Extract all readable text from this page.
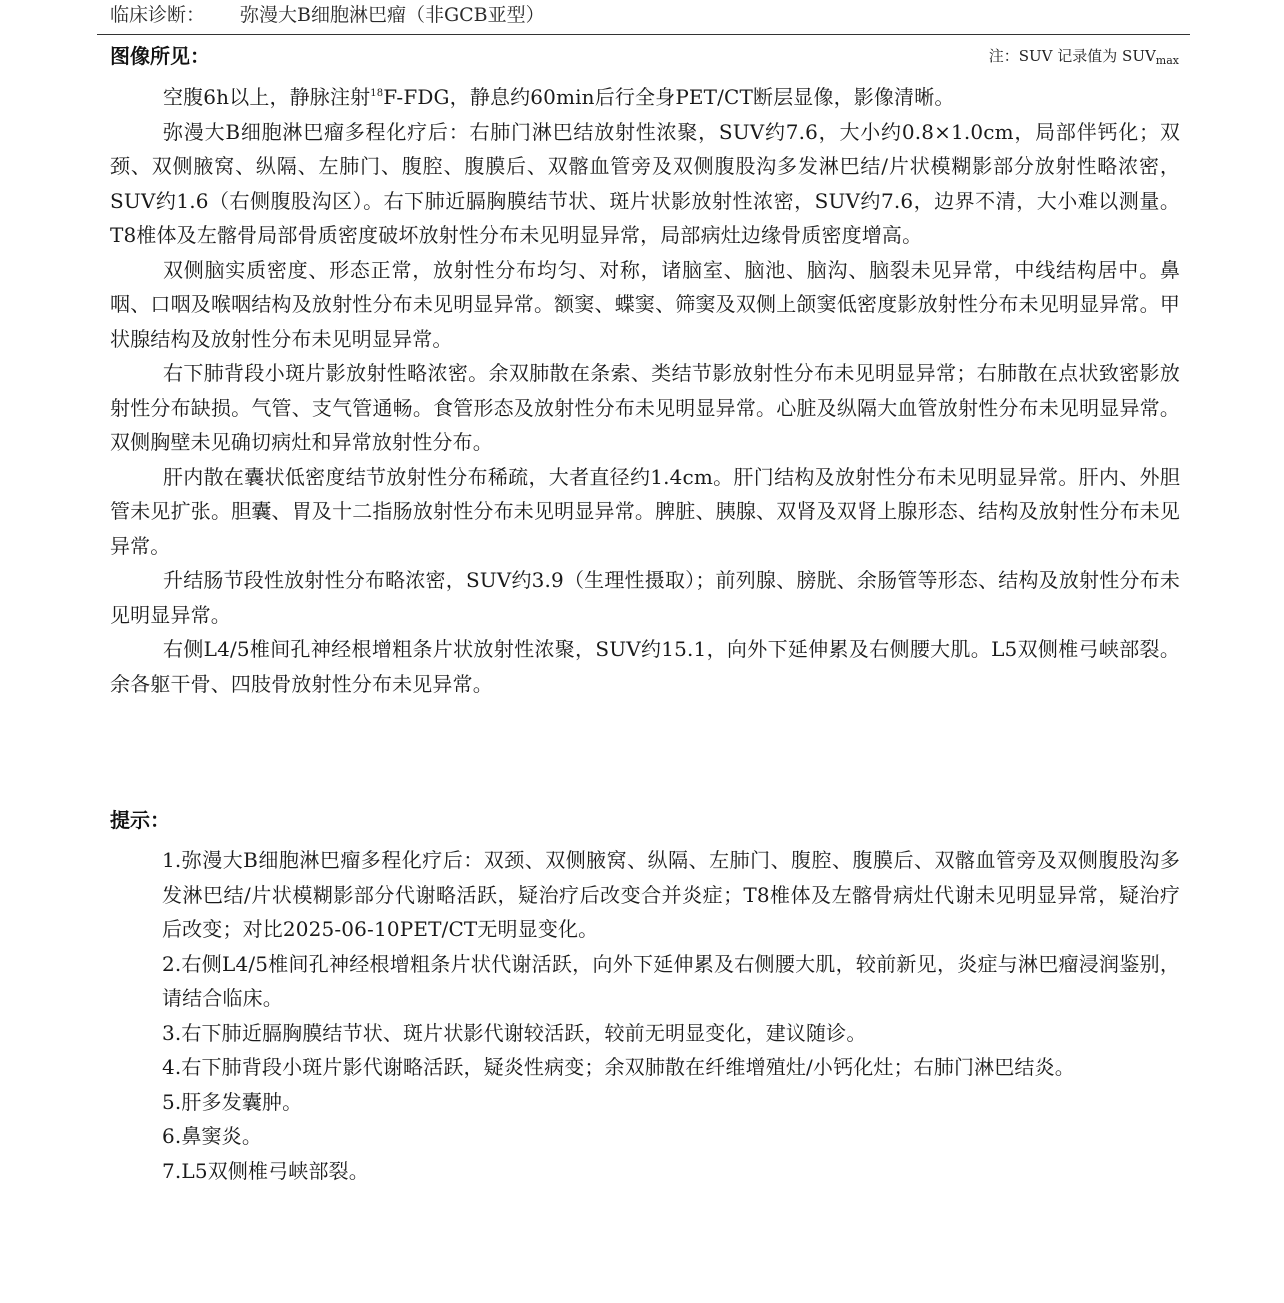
临床诊断： 弥漫大B细胞淋巴瘤（非GCB亚型）
图像所见：	注：SUV 记录值为 $SUV_{max}$

空腹6h以上，静脉注射$^{18}$F-FDG，静息约60min后行全身PET/CT断层显像，影像清晰。

弥漫大B细胞淋巴瘤多程化疗后：右肺门淋巴结放射性浓聚，SUV约7.6，大小约0.8×1.0cm，局部伴钙化；双颈、双侧腋窝、纵隔、左肺门、腹腔、腹膜后、双髂血管旁及双侧腹股沟多发淋巴结/片状模糊影部分放射性略浓密，SUV约1.6（右侧腹股沟区）。右下肺近膈胸膜结节状、斑片状影放射性浓密，SUV约7.6，边界不清，大小难以测量。T8椎体及左髂骨局部骨质密度破坏放射性分布未见明显异常，局部病灶边缘骨质密度增高。

双侧脑实质密度、形态正常，放射性分布均匀、对称，诸脑室、脑池、脑沟、脑裂未见异常，中线结构居中。鼻咽、口咽及喉咽结构及放射性分布未见明显异常。额窦、蝶窦、筛窦及双侧上颌窦低密度影放射性分布未见明显异常。甲状腺结构及放射性分布未见明显异常。

右下肺背段小斑片影放射性略浓密。余双肺散在条索、类结节影放射性分布未见明显异常；右肺散在点状致密影放射性分布缺损。气管、支气管通畅。食管形态及放射性分布未见明显异常。心脏及纵隔大血管放射性分布未见明显异常。双侧胸壁未见确切病灶和异常放射性分布。

肝内散在囊状低密度结节放射性分布稀疏，大者直径约1.4cm。肝门结构及放射性分布未见明显异常。肝内、外胆管未见扩张。胆囊、胃及十二指肠放射性分布未见明显异常。脾脏、胰腺、双肾及双肾上腺形态、结构及放射性分布未见异常。

升结肠节段性放射性分布略浓密，SUV约3.9（生理性摄取）；前列腺、膀胱、余肠管等形态、结构及放射性分布未见明显异常。

右侧L4/5椎间孔神经根增粗条片状放射性浓聚，SUV约15.1，向外下延伸累及右侧腰大肌。L5双侧椎弓峡部裂。余各躯干骨、四肢骨放射性分布未见异常。

提示：

1.弥漫大B细胞淋巴瘤多程化疗后：双颈、双侧腋窝、纵隔、左肺门、腹腔、腹膜后、双髂血管旁及双侧腹股沟多发淋巴结/片状模糊影部分代谢略活跃，疑治疗后改变合并炎症；T8椎体及左髂骨病灶代谢未见明显异常，疑治疗后改变；对比2025-06-10PET/CT无明显变化。

2.右侧L4/5椎间孔神经根增粗条片状代谢活跃，向外下延伸累及右侧腰大肌，较前新见，炎症与淋巴瘤浸润鉴别，请结合临床。

3.右下肺近膈胸膜结节状、斑片状影代谢较活跃，较前无明显变化，建议随诊。

4.右下肺背段小斑片影代谢略活跃，疑炎性病变；余双肺散在纤维增殖灶/小钙化灶；右肺门淋巴结炎。

5.肝多发囊肿。

6.鼻窦炎。

7.L5双侧椎弓峡部裂。
